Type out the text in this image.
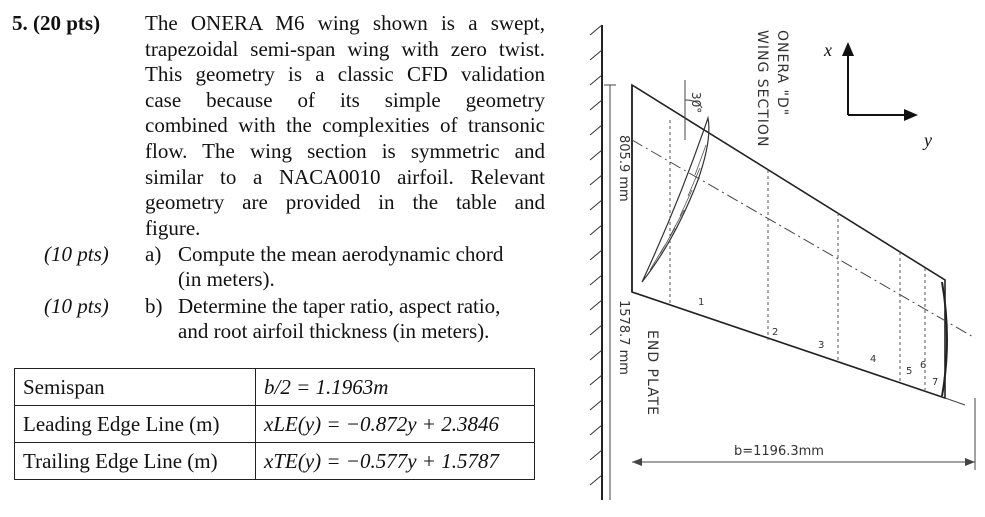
5. (20 pts) The ONERA M6 wing shown is a swept,
trapezoidal semi-span wing with zero twist.
This geometry is a classic CFD validation
case because of its simple geometry
combined with the complexities of transonic
flow. The wing section is symmetric and
similar to a NACA0010 airfoil. Relevant
geometry are provided in the table and
figure.
(10 pts) a) Compute the mean aerodynamic chord
(in meters).
(10 pts) b) Determine the taper ratio, aspect ratio,
and root airfoil thickness (in meters).
Semispan	b/2 = 1.1963m
Leading Edge Line (m)	xLE(y) = −0.872y + 2.3846
Trailing Edge Line (m)	xTE(y) = −0.577y + 1.5787
805.9 mm
1578.7 mm
30°
1
2
3
4
5
6
7
ONERA "D"
WING SECTION
END PLATE
b=1196.3mm
x
y
